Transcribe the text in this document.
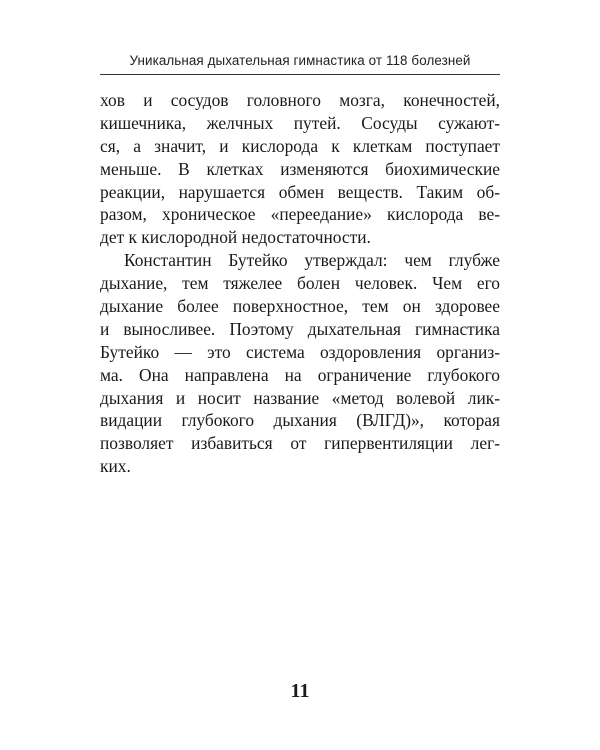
Уникальная дыхательная гимнастика от 118 болезней
хов и сосудов головного мозга, конечностей,
кишечника, желчных путей. Сосуды сужают-
ся, а значит, и кислорода к клеткам поступает
меньше. В клетках изменяются биохимические
реакции, нарушается обмен веществ. Таким об-
разом, хроническое «переедание» кислорода ве-
дет к кислородной недостаточности.
Константин Бутейко утверждал: чем глубже
дыхание, тем тяжелее болен человек. Чем его
дыхание более поверхностное, тем он здоровее
и выносливее. Поэтому дыхательная гимнастика
Бутейко — это система оздоровления организ-
ма. Она направлена на ограничение глубокого
дыхания и носит название «метод волевой лик-
видации глубокого дыхания (ВЛГД)», которая
позволяет избавиться от гипервентиляции лег-
ких.
11
